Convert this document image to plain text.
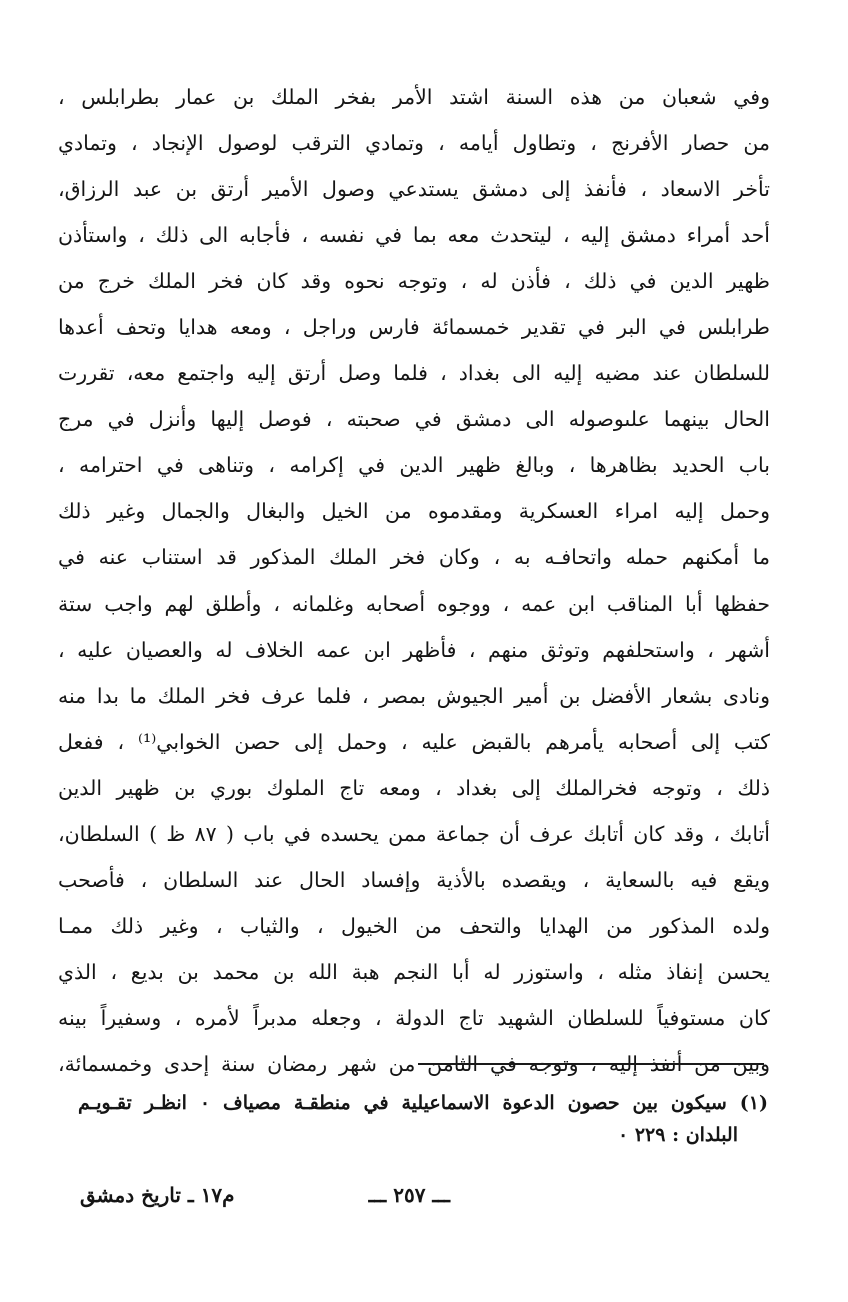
وفي شعبان من هذه السنة اشتد الأمر بفخر الملك بن عمار بطرابلس ،
من حصار الأفرنج ، وتطاول أيامه ، وتمادي الترقب لوصول الإنجاد ، وتمادي
تأخر الاسعاد ، فأنفذ إلى دمشق يستدعي وصول الأمير أرتق بن عبد الرزاق،
أحد أمراء دمشق إليه ، ليتحدث معه بما في نفسه ، فأجابه الى ذلك ، واستأذن
ظهير الدين في ذلك ، فأذن له ، وتوجه نحوه وقد كان فخر الملك خرج من
طرابلس في البر في تقدير خمسمائة فارس وراجل ، ومعه هدايا وتحف أعدها
للسلطان عند مضيه إليه الى بغداد ، فلما وصل أرتق إليه واجتمع معه، تقررت
الحال بينهما علىوصوله الى دمشق في صحبته ، فوصل إليها وأنزل في مرج
باب الحديد بظاهرها ، وبالغ ظهير الدين في إكرامه ، وتناهى في احترامه ،
وحمل إليه امراء العسكرية ومقدموه من الخيل والبغال والجمال وغير ذلك
ما أمكنهم حمله واتحافـه به ، وكان فخر الملك المذكور قد استناب عنه في
حفظها أبا المناقب ابن عمه ، ووجوه أصحابه وغلمانه ، وأطلق لهم واجب ستة
أشهر ، واستحلفهم وتوثق منهم ، فأظهر ابن عمه الخلاف له والعصيان عليه ،
ونادى بشعار الأفضل بن أمير الجيوش بمصر ، فلما عرف فخر الملك ما بدا منه
كتب إلى أصحابه يأمرهم بالقبض عليه ، وحمل إلى حصن الخوابي⁽¹⁾ ، ففعل
ذلك ، وتوجه فخرالملك إلى بغداد ، ومعه تاج الملوك بوري بن ظهير الدين
أتابك ، وقد كان أتابك عرف أن جماعة ممن يحسده في باب ( ٨٧ ظ ) السلطان،
ويقع فيه بالسعاية ، ويقصده بالأذية وإفساد الحال عند السلطان ، فأصحب
ولده المذكور من الهدايا والتحف من الخيول ، والثياب ، وغير ذلك ممـا
يحسن إنفاذ مثله ، واستوزر له أبا النجم هبة الله بن محمد بن بديع ، الذي
كان مستوفياً للسلطان الشهيد تاج الدولة ، وجعله مدبراً لأمره ، وسفيراً بينه
وبين من أنفذ إليه ، وتوجه في الثامن من شهر رمضان سنة إحدى وخمسمائة،
(١) سيكون بين حصون الدعوة الاسماعيلية في منطقـة مصياف ٠ انظـر تقـويـم
البلدان : ٢٢٩ ٠
ـــ ٢٥٧ ـــ
م١٧ ـ تاريخ دمشق
